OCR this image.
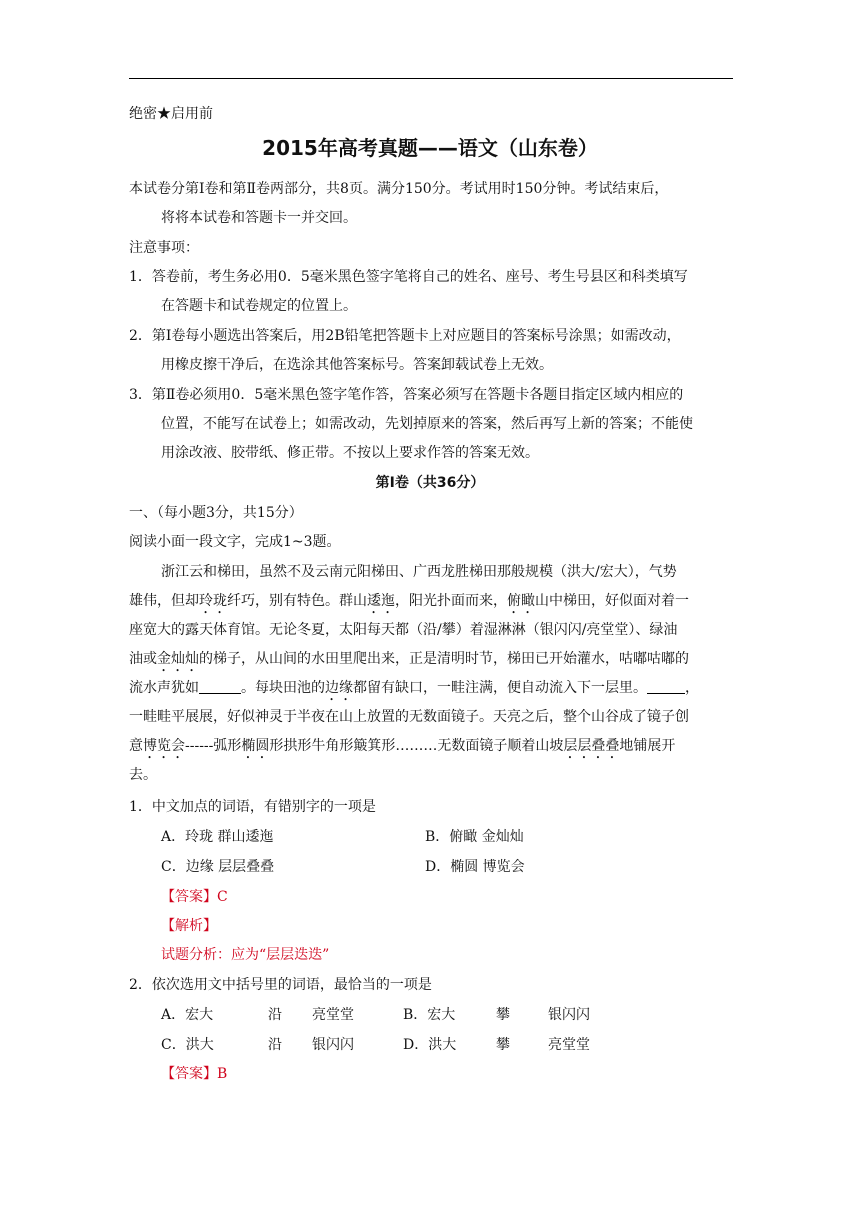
绝密★启用前
2015年高考真题——语文（山东卷）
本试卷分第Ⅰ卷和第Ⅱ卷两部分，共8页。满分150分。考试用时150分钟。考试结束后，
将将本试卷和答题卡一并交回。
注意事项：
1．答卷前，考生务必用0．5毫米黑色签字笔将自己的姓名、座号、考生号县区和科类填写
在答题卡和试卷规定的位置上。
2．第Ⅰ卷每小题选出答案后，用2B铅笔把答题卡上对应题目的答案标号涂黑；如需改动，
用橡皮擦干净后，在选涂其他答案标号。答案卸载试卷上无效。
3．第Ⅱ卷必须用0．5毫米黑色签字笔作答，答案必须写在答题卡各题目指定区域内相应的
位置，不能写在试卷上；如需改动，先划掉原来的答案，然后再写上新的答案；不能使
用涂改液、胶带纸、修正带。不按以上要求作答的答案无效。
第Ⅰ卷（共36分）
一、（每小题3分，共15分）
阅读小面一段文字，完成1~3题。
浙江云和梯田，虽然不及云南元阳梯田、广西龙胜梯田那般规模（洪大/宏大），气势
雄伟，但却玲珑纤巧，别有特色。群山逶迤，阳光扑面而来，俯瞰山中梯田，好似面对着一
座宽大的露天体育馆。无论冬夏，太阳每天都（沿/攀）着湿淋淋（银闪闪/亮堂堂）、绿油
油或金灿灿的梯子，从山间的水田里爬出来，正是清明时节，梯田已开始灌水，咕嘟咕嘟的
流水声犹如	。每块田池的边缘都留有缺口，一畦注满，便自动流入下一层里。	，
一畦畦平展展，好似神灵于半夜在山上放置的无数面镜子。天亮之后，整个山谷成了镜子创
意博览会------弧形椭圆形拱形牛角形簸箕形………无数面镜子顺着山坡层层叠叠地铺展开
去。
1．中文加点的词语，有错别字的一项是
A．玲珑 群山逶迤	B．俯瞰 金灿灿
C．边缘 层层叠叠	D．椭圆 博览会
【答案】C
【解析】
试题分析：应为“层层迭迭”
2．依次选用文中括号里的词语，最恰当的一项是
A．宏大	沿 亮堂堂	B．宏大	攀	银闪闪
C．洪大	沿 银闪闪	D．洪大	攀	亮堂堂
【答案】B
